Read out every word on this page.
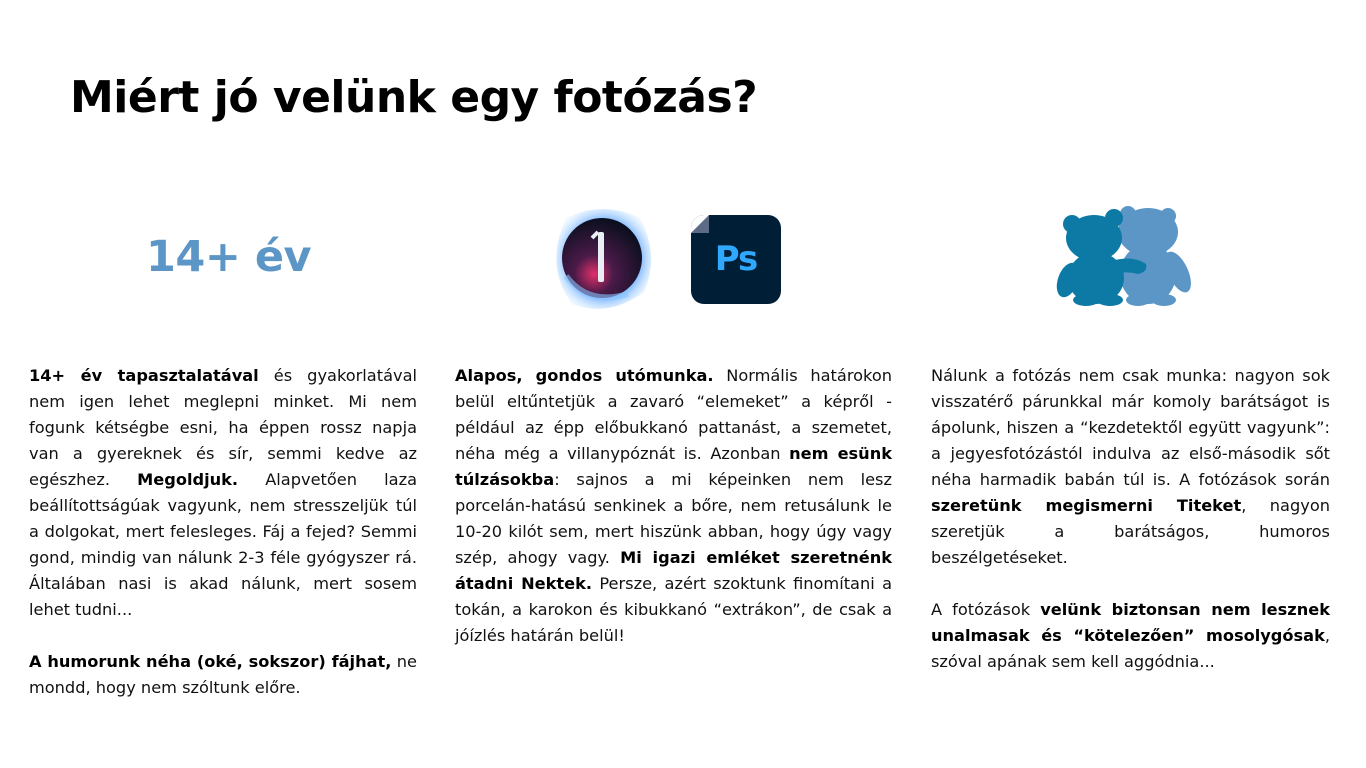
Miért jó velünk egy fotózás?
14+ év	Ps

14+ év tapasztalatával és gyakorlatával nem igen lehet meglepni minket. Mi nem fogunk kétségbe esni, ha éppen rossz napja van a gyereknek és sír, semmi kedve az egészhez. Megoldjuk. Alapvetően laza beállítottságúak vagyunk, nem stresszeljük túl a dolgokat, mert felesleges. Fáj a fejed? Semmi gond, mindig van nálunk 2-3 féle gyógyszer rá. Általában nasi is akad nálunk, mert sosem lehet tudni...

A humorunk néha (oké, sokszor) fájhat, ne mondd, hogy nem szóltunk előre.

Alapos, gondos utómunka. Normális határokon belül eltűntetjük a zavaró “elemeket” a képről - például az épp előbukkanó pattanást, a szemetet, néha még a villanypóznát is. Azonban nem esünk túlzásokba: sajnos a mi képeinken nem lesz porcelán-hatású senkinek a bőre, nem retusálunk le 10-20 kilót sem, mert hiszünk abban, hogy úgy vagy szép, ahogy vagy. Mi igazi emléket szeretnénk átadni Nektek. Persze, azért szoktunk finomítani a tokán, a karokon és kibukkanó “extrákon”, de csak a jóízlés határán belül!

Nálunk a fotózás nem csak munka: nagyon sok visszatérő párunkkal már komoly barátságot is ápolunk, hiszen a “kezdetektől együtt vagyunk”: a jegyesfotózástól indulva az első-második sőt néha harmadik babán túl is. A fotózások során szeretünk megismerni Titeket, nagyon szeretjük a barátságos, humoros beszélgetéseket.

A fotózások velünk biztonsan nem lesznek unalmasak és “kötelezően” mosolygósak, szóval apának sem kell aggódnia...
